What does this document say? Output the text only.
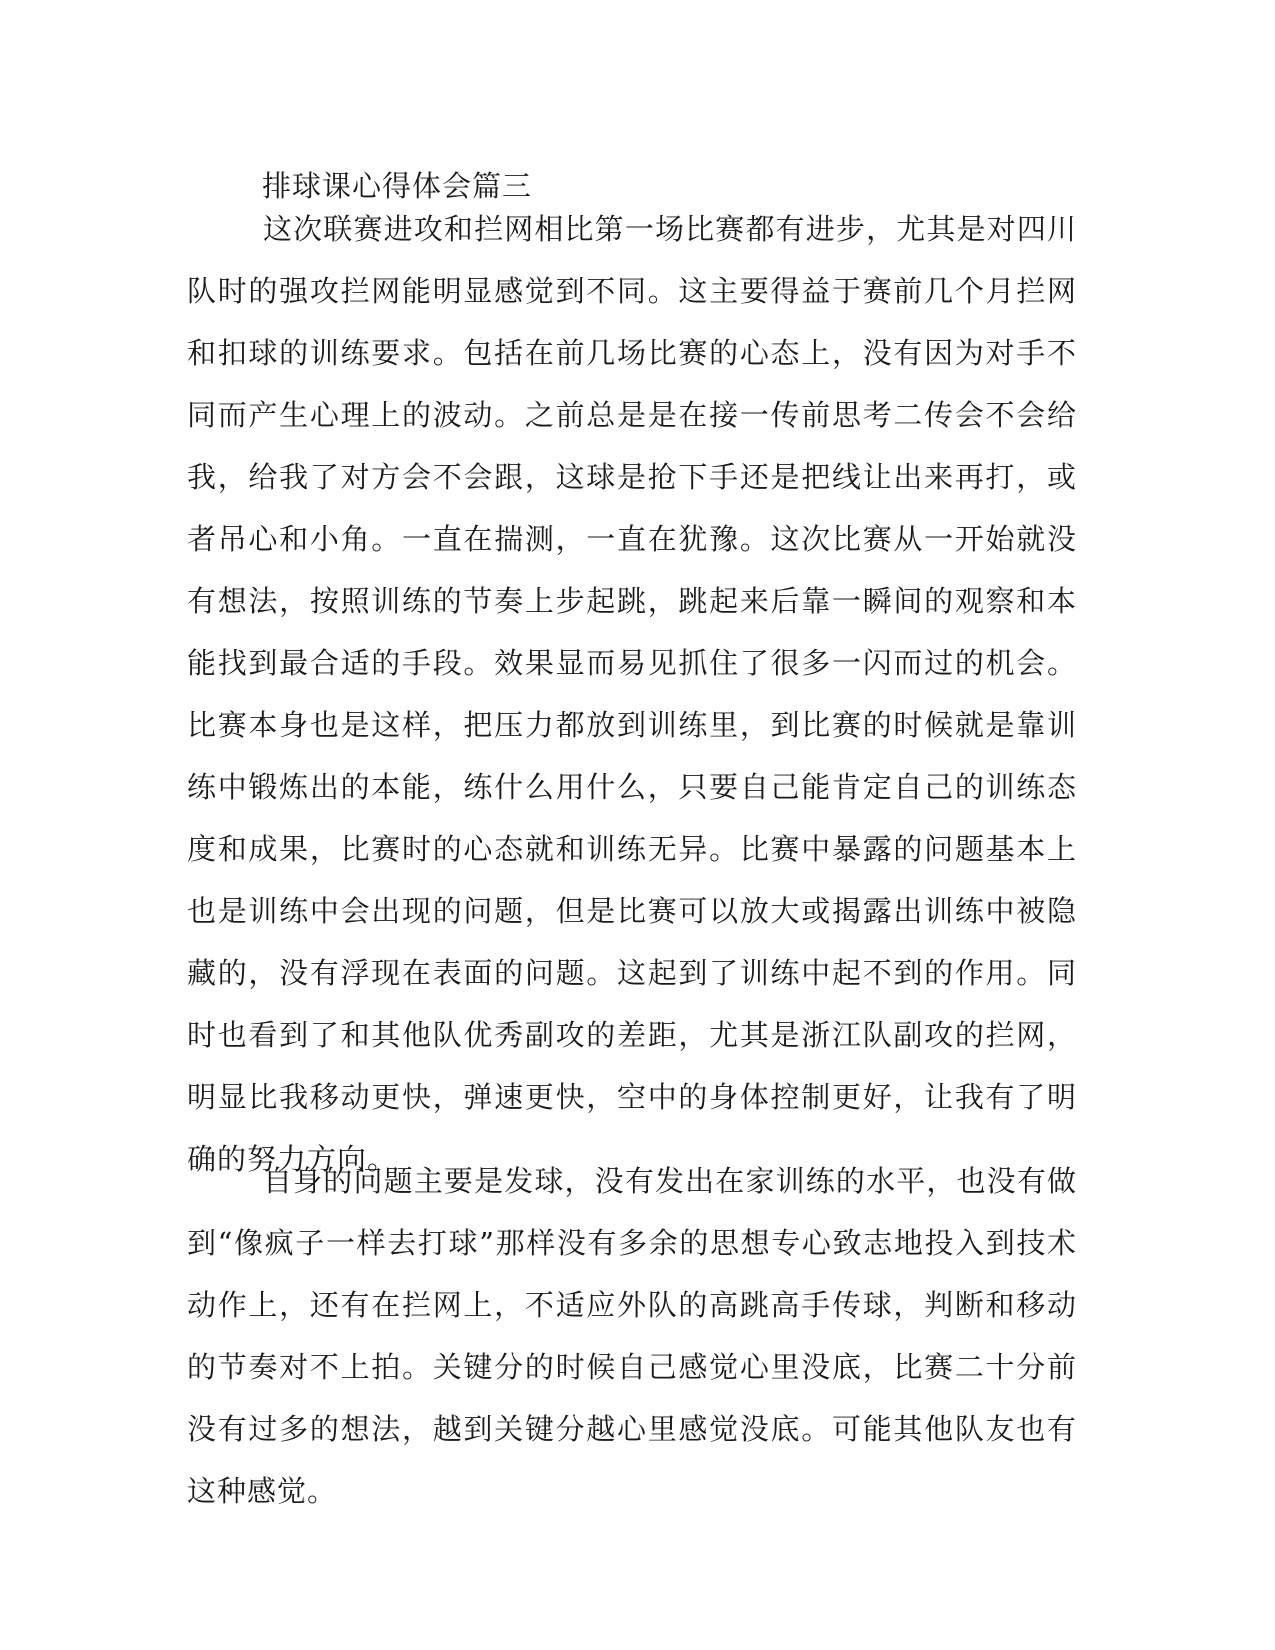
排球课心得体会篇三

这次联赛进攻和拦网相比第一场比赛都有进步，尤其是对四川队时的强攻拦网能明显感觉到不同。这主要得益于赛前几个月拦网和扣球的训练要求。包括在前几场比赛的心态上，没有因为对手不同而产生心理上的波动。之前总是是在接一传前思考二传会不会给我，给我了对方会不会跟，这球是抢下手还是把线让出来再打，或者吊心和小角。一直在揣测，一直在犹豫。这次比赛从一开始就没有想法，按照训练的节奏上步起跳，跳起来后靠一瞬间的观察和本能找到最合适的手段。效果显而易见抓住了很多一闪而过的机会。比赛本身也是这样，把压力都放到训练里，到比赛的时候就是靠训练中锻炼出的本能，练什么用什么，只要自己能肯定自己的训练态度和成果，比赛时的心态就和训练无异。比赛中暴露的问题基本上也是训练中会出现的问题，但是比赛可以放大或揭露出训练中被隐藏的，没有浮现在表面的问题。这起到了训练中起不到的作用。同时也看到了和其他队优秀副攻的差距，尤其是浙江队副攻的拦网，明显比我移动更快，弹速更快，空中的身体控制更好，让我有了明确的努力方向。

自身的问题主要是发球，没有发出在家训练的水平，也没有做到“像疯子一样去打球”那样没有多余的思想专心致志地投入到技术动作上，还有在拦网上，不适应外队的高跳高手传球，判断和移动的节奏对不上拍。关键分的时候自己感觉心里没底，比赛二十分前没有过多的想法，越到关键分越心里感觉没底。可能其他队友也有这种感觉。
